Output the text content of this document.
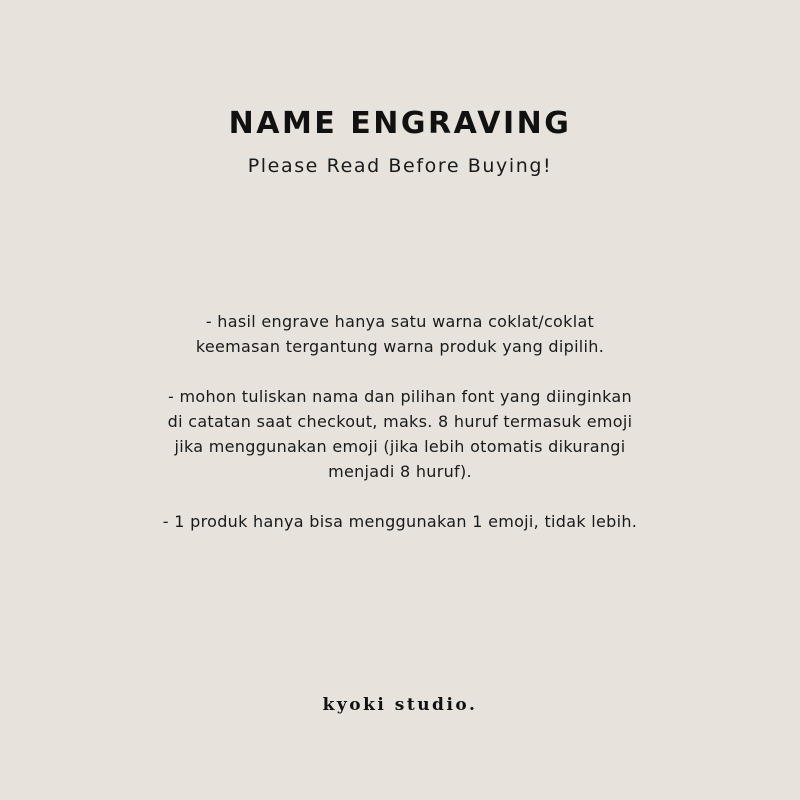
NAME ENGRAVING
Please Read Before Buying!
- hasil engrave hanya satu warna coklat/coklat
keemasan tergantung warna produk yang dipilih.
- mohon tuliskan nama dan pilihan font yang diinginkan
di catatan saat checkout, maks. 8 huruf termasuk emoji
jika menggunakan emoji (jika lebih otomatis dikurangi
menjadi 8 huruf).
- 1 produk hanya bisa menggunakan 1 emoji, tidak lebih.
kyoki studio.
